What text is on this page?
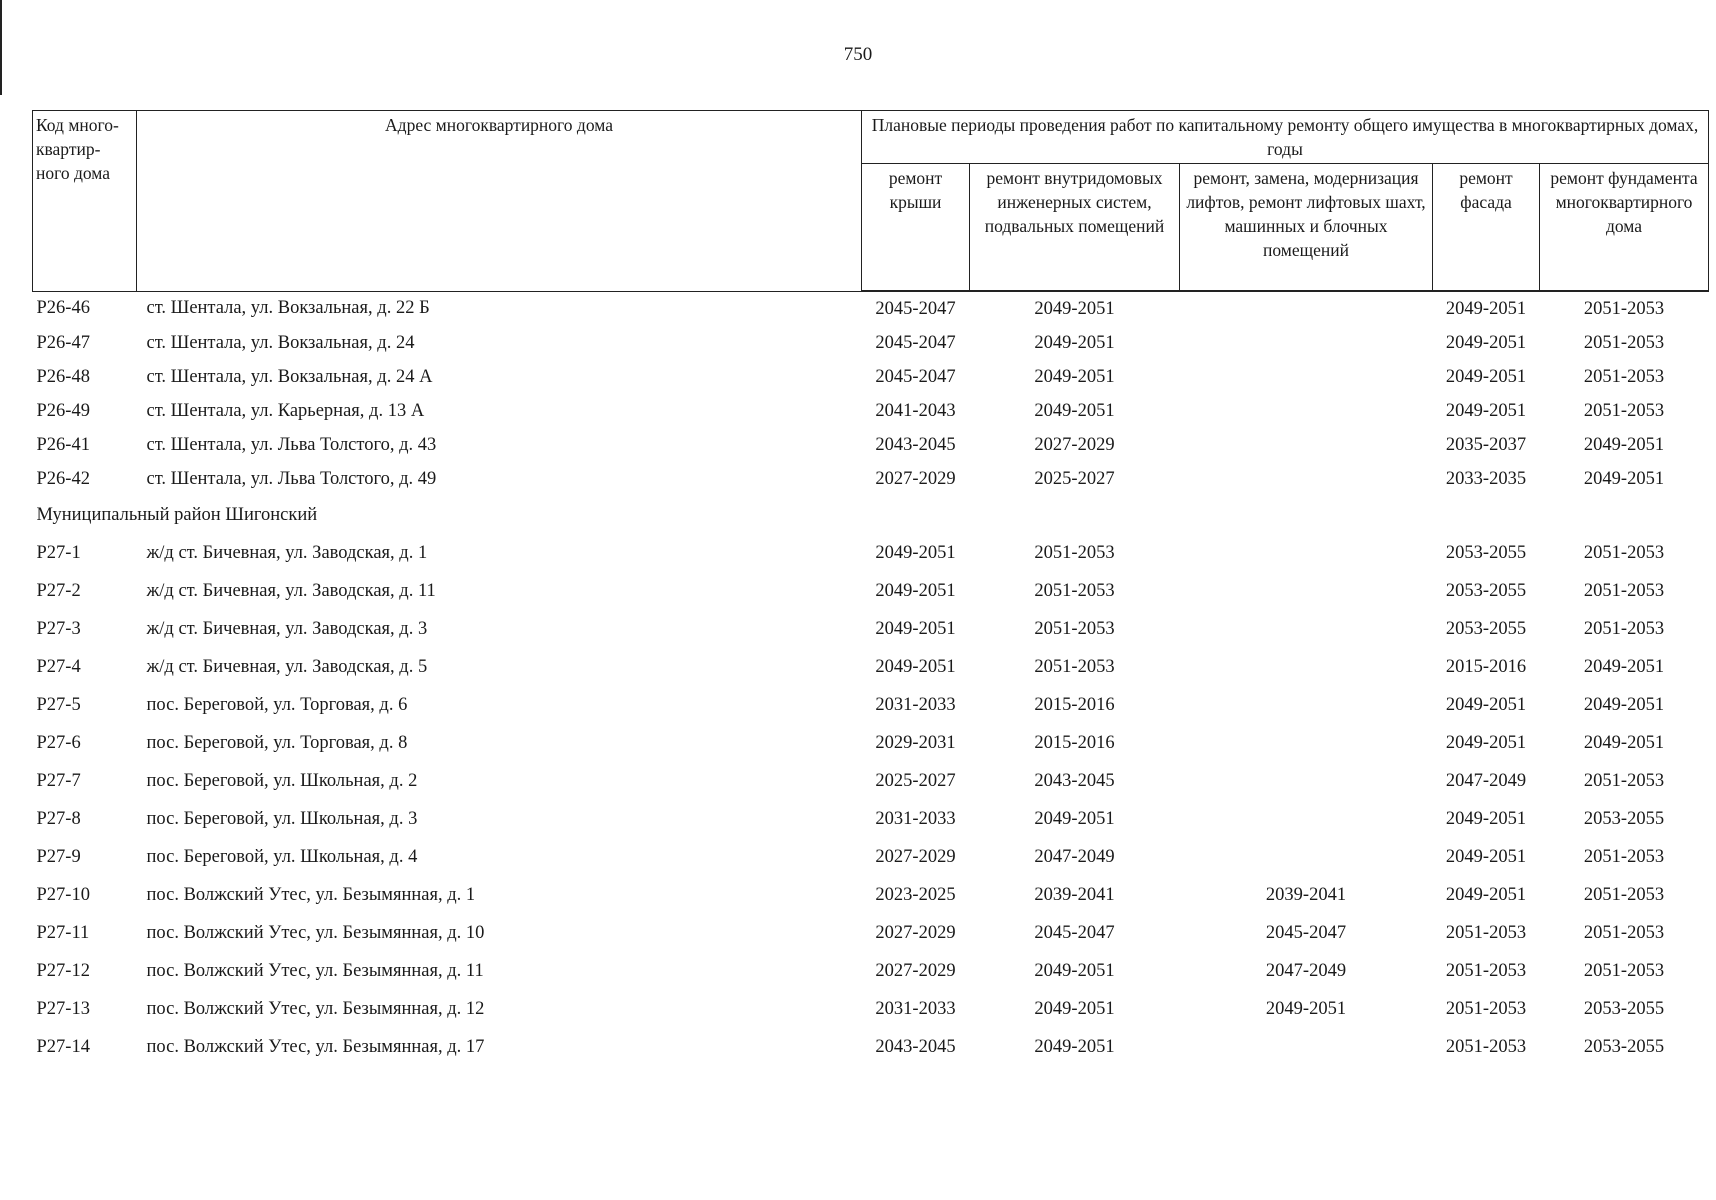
750
Код много-
квартир-
ного дома	Адрес многоквартирного дома	Плановые периоды проведения работ по капитальному ремонту общего имущества в многоквартирных домах, годы				
		ремонт крыши	ремонт внутридомовых инженерных систем, подвальных помещений	ремонт, замена, модернизация лифтов, ремонт лифтовых шахт, машинных и блочных помещений	ремонт фасада	ремонт фундамента многоквартирного дома
Р26-46	ст. Шентала, ул. Вокзальная, д. 22 Б	2045-2047	2049-2051		2049-2051	2051-2053
Р26-47	ст. Шентала, ул. Вокзальная, д. 24	2045-2047	2049-2051		2049-2051	2051-2053
Р26-48	ст. Шентала, ул. Вокзальная, д. 24 А	2045-2047	2049-2051		2049-2051	2051-2053
Р26-49	ст. Шентала, ул. Карьерная, д. 13 А	2041-2043	2049-2051		2049-2051	2051-2053
Р26-41	ст. Шентала, ул. Льва Толстого, д. 43	2043-2045	2027-2029		2035-2037	2049-2051
Р26-42	ст. Шентала, ул. Льва Толстого, д. 49	2027-2029	2025-2027		2033-2035	2049-2051
Муниципальный район Шигонский						
Р27-1	ж/д ст. Бичевная, ул. Заводская, д. 1	2049-2051	2051-2053		2053-2055	2051-2053
Р27-2	ж/д ст. Бичевная, ул. Заводская, д. 11	2049-2051	2051-2053		2053-2055	2051-2053
Р27-3	ж/д ст. Бичевная, ул. Заводская, д. 3	2049-2051	2051-2053		2053-2055	2051-2053
Р27-4	ж/д ст. Бичевная, ул. Заводская, д. 5	2049-2051	2051-2053		2015-2016	2049-2051
Р27-5	пос. Береговой, ул. Торговая, д. 6	2031-2033	2015-2016		2049-2051	2049-2051
Р27-6	пос. Береговой, ул. Торговая, д. 8	2029-2031	2015-2016		2049-2051	2049-2051
Р27-7	пос. Береговой, ул. Школьная, д. 2	2025-2027	2043-2045		2047-2049	2051-2053
Р27-8	пос. Береговой, ул. Школьная, д. 3	2031-2033	2049-2051		2049-2051	2053-2055
Р27-9	пос. Береговой, ул. Школьная, д. 4	2027-2029	2047-2049		2049-2051	2051-2053
Р27-10	пос. Волжский Утес, ул. Безымянная, д. 1	2023-2025	2039-2041	2039-2041	2049-2051	2051-2053
Р27-11	пос. Волжский Утес, ул. Безымянная, д. 10	2027-2029	2045-2047	2045-2047	2051-2053	2051-2053
Р27-12	пос. Волжский Утес, ул. Безымянная, д. 11	2027-2029	2049-2051	2047-2049	2051-2053	2051-2053
Р27-13	пос. Волжский Утес, ул. Безымянная, д. 12	2031-2033	2049-2051	2049-2051	2051-2053	2053-2055
Р27-14	пос. Волжский Утес, ул. Безымянная, д. 17	2043-2045	2049-2051		2051-2053	2053-2055
